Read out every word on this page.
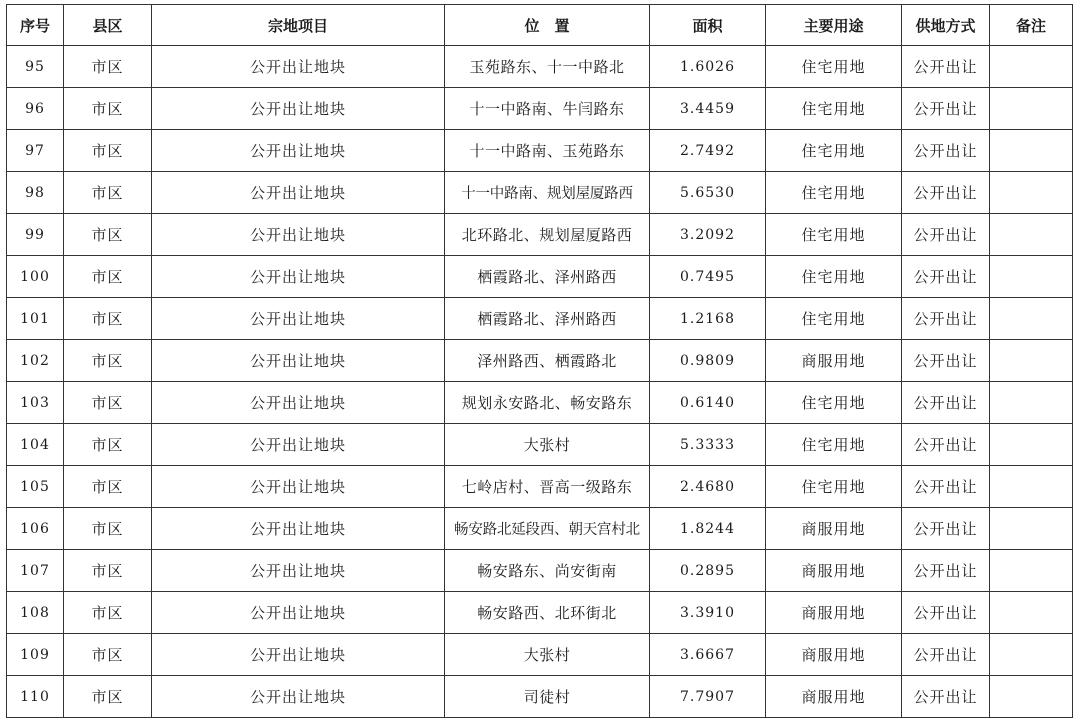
序号	县区	宗地项目	位　置	面积	主要用途	供地方式	备注
95	市区	公开出让地块	玉苑路东、十一中路北	1.6026	住宅用地	公开出让	
96	市区	公开出让地块	十一中路南、牛闫路东	3.4459	住宅用地	公开出让	
97	市区	公开出让地块	十一中路南、玉苑路东	2.7492	住宅用地	公开出让	
98	市区	公开出让地块	十一中路南、规划屋厦路西	5.6530	住宅用地	公开出让	
99	市区	公开出让地块	北环路北、规划屋厦路西	3.2092	住宅用地	公开出让	
100	市区	公开出让地块	栖霞路北、泽州路西	0.7495	住宅用地	公开出让	
101	市区	公开出让地块	栖霞路北、泽州路西	1.2168	住宅用地	公开出让	
102	市区	公开出让地块	泽州路西、栖霞路北	0.9809	商服用地	公开出让	
103	市区	公开出让地块	规划永安路北、畅安路东	0.6140	住宅用地	公开出让	
104	市区	公开出让地块	大张村	5.3333	住宅用地	公开出让	
105	市区	公开出让地块	七岭店村、晋高一级路东	2.4680	住宅用地	公开出让	
106	市区	公开出让地块	畅安路北延段西、朝天宫村北	1.8244	商服用地	公开出让	
107	市区	公开出让地块	畅安路东、尚安街南	0.2895	商服用地	公开出让	
108	市区	公开出让地块	畅安路西、北环街北	3.3910	商服用地	公开出让	
109	市区	公开出让地块	大张村	3.6667	商服用地	公开出让	
110	市区	公开出让地块	司徒村	7.7907	商服用地	公开出让	
